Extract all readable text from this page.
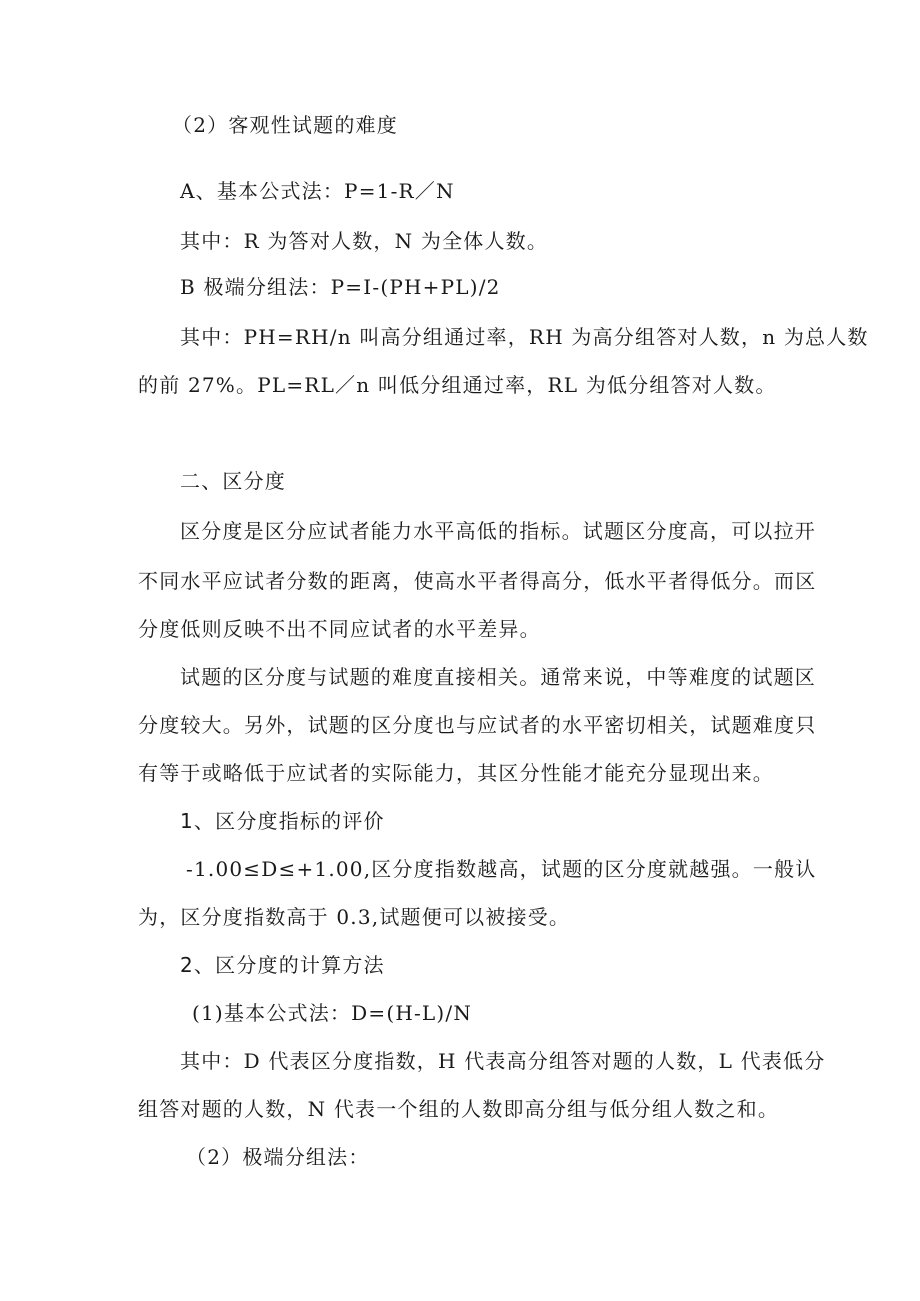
（2）客观性试题的难度
A、基本公式法：P=1-R／N
其中：R 为答对人数，N 为全体人数。
B 极端分组法：P=I-(PH+PL)/2
其中：PH=RH/n 叫高分组通过率，RH 为高分组答对人数，n 为总人数
的前 27%。PL=RL／n 叫低分组通过率，RL 为低分组答对人数。
二、区分度
区分度是区分应试者能力水平高低的指标。试题区分度高，可以拉开
不同水平应试者分数的距离，使高水平者得高分，低水平者得低分。而区
分度低则反映不出不同应试者的水平差异。
试题的区分度与试题的难度直接相关。通常来说，中等难度的试题区
分度较大。另外，试题的区分度也与应试者的水平密切相关，试题难度只
有等于或略低于应试者的实际能力，其区分性能才能充分显现出来。
1、区分度指标的评价
-1.00≤D≤+1.00,区分度指数越高，试题的区分度就越强。一般认
为，区分度指数高于 0.3,试题便可以被接受。
2、区分度的计算方法
(1)基本公式法：D=(H-L)/N
其中：D 代表区分度指数，H 代表高分组答对题的人数，L 代表低分
组答对题的人数，N 代表一个组的人数即高分组与低分组人数之和。
（2）极端分组法：
